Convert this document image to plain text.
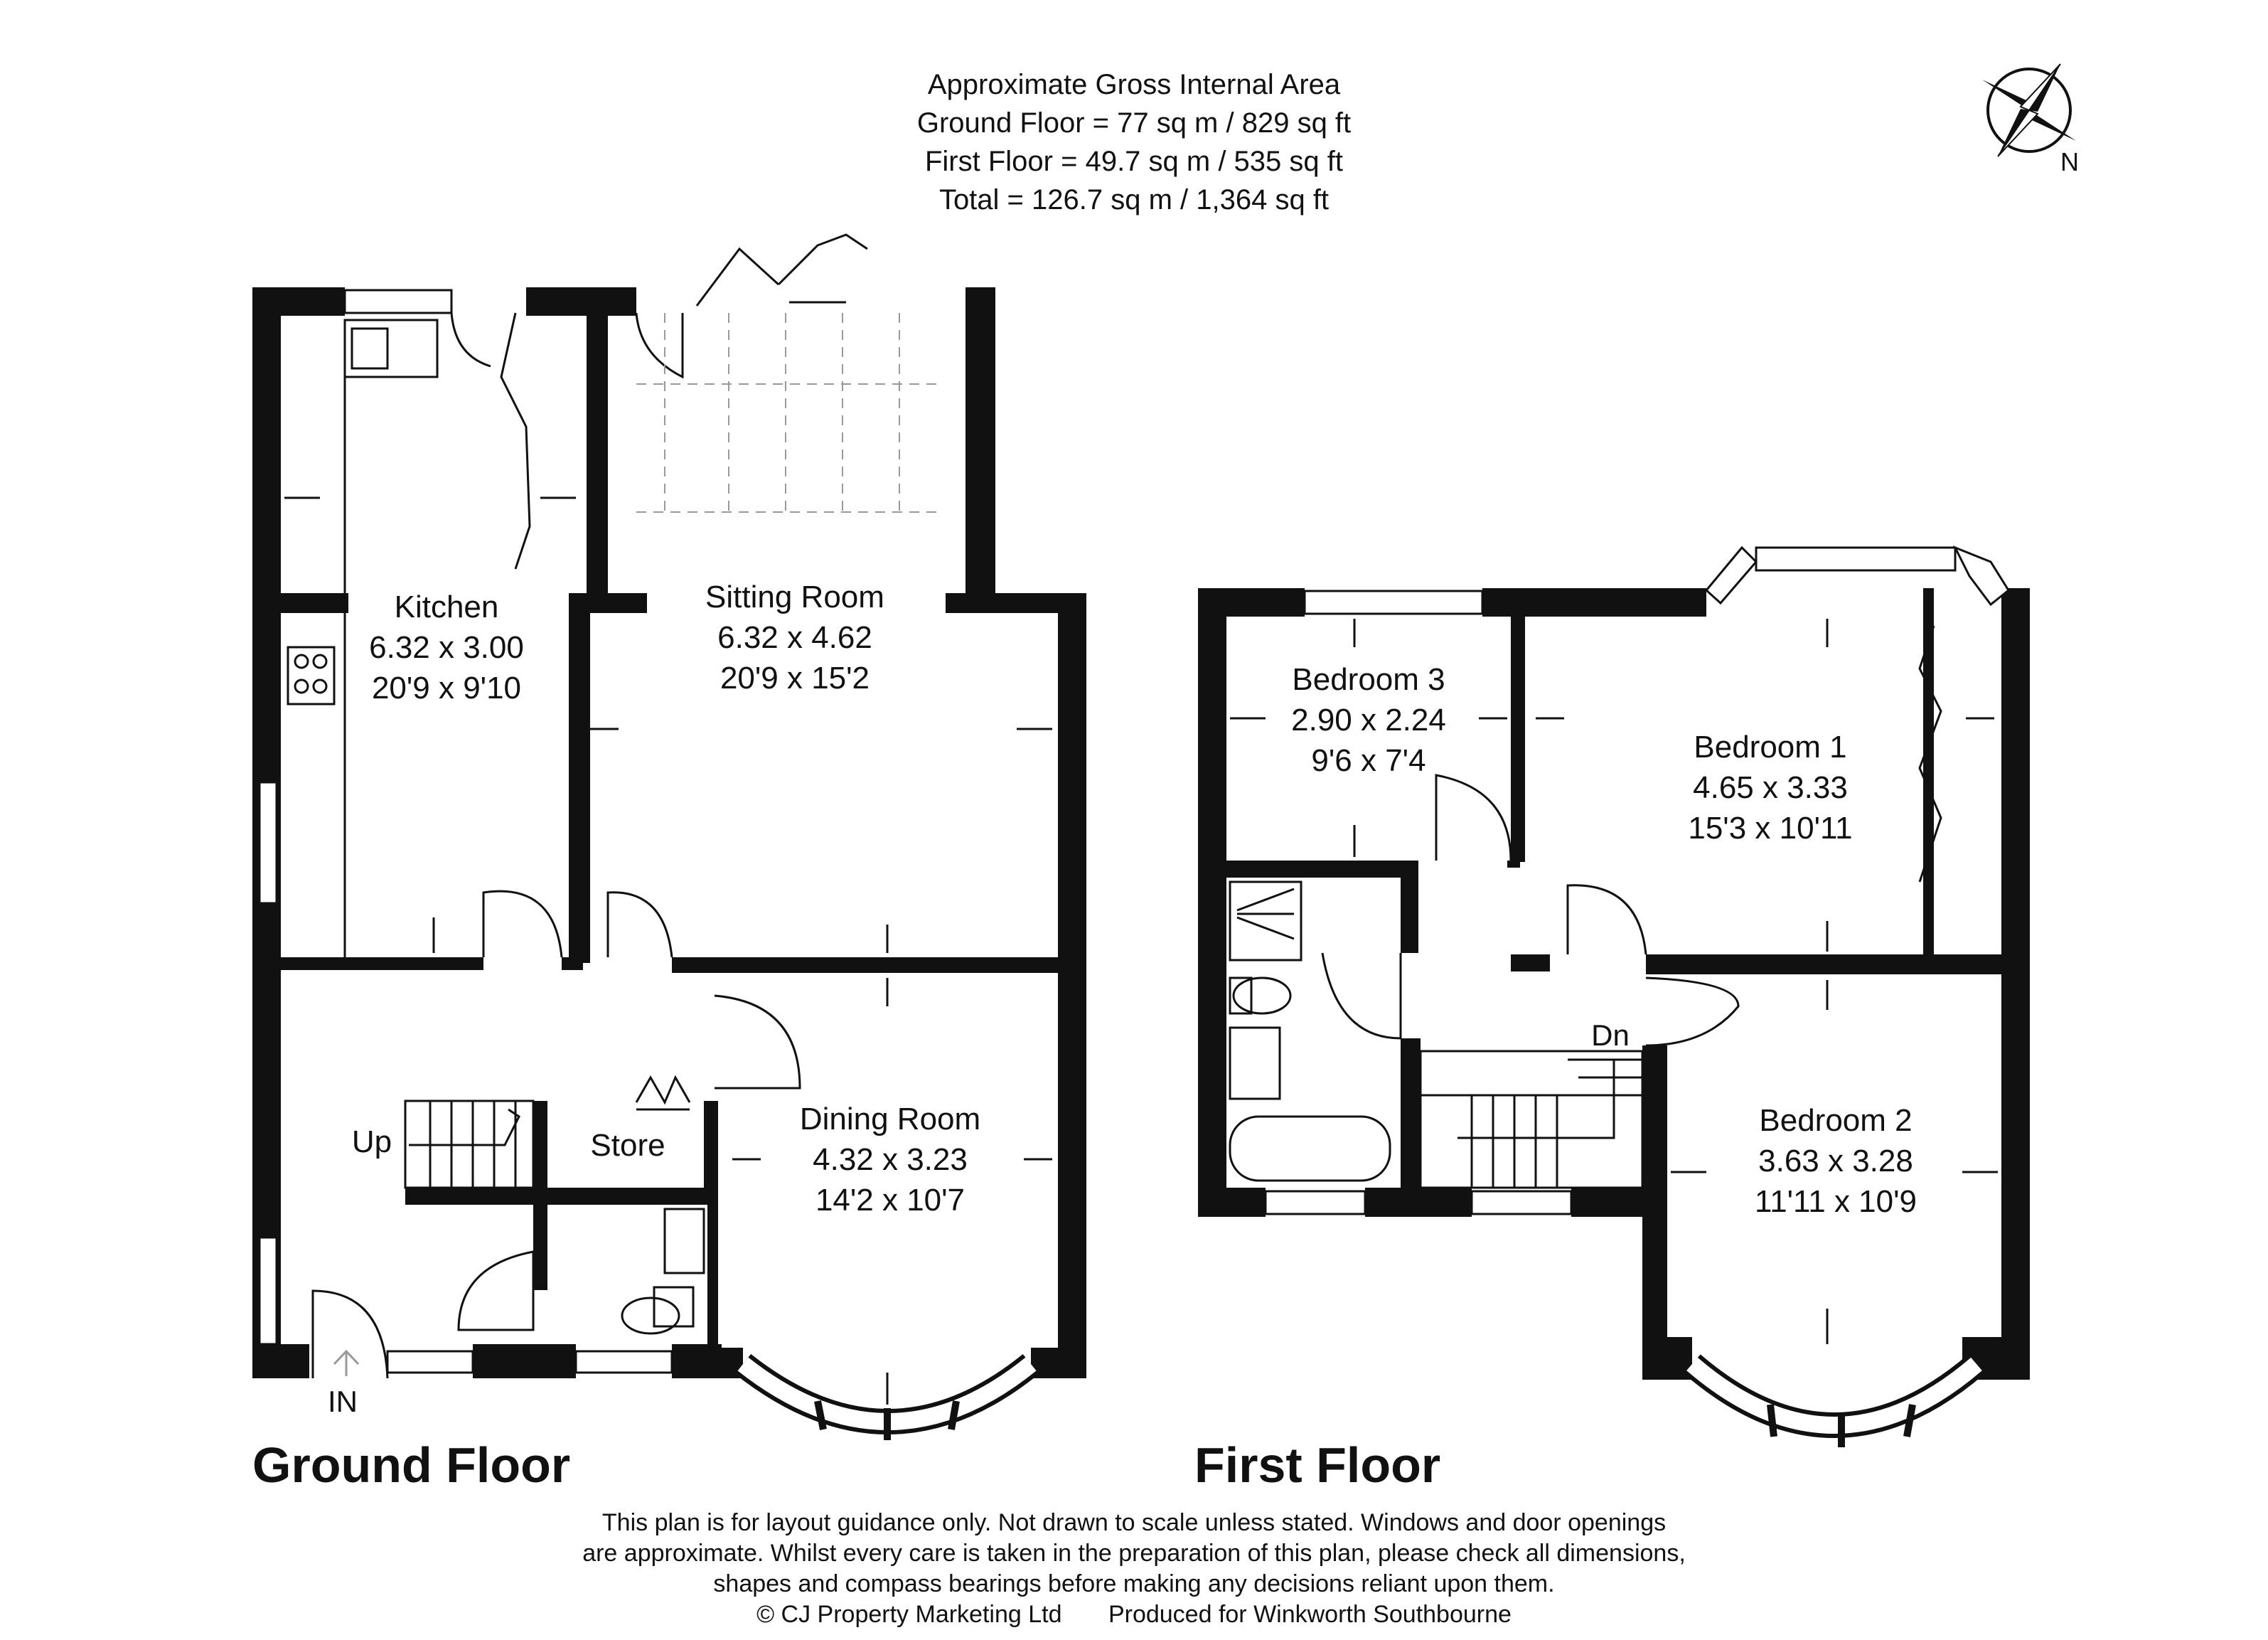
Approximate Gross Internal Area
Ground Floor = 77 sq m / 829 sq ft
First Floor = 49.7 sq m / 535 sq ft
Total = 126.7 sq m / 1,364 sq ft
N
Kitchen
6.32 x 3.00
20'9 x 9'10
Sitting Room
6.32 x 4.62
20'9 x 15'2
Dining Room
4.32 x 3.23
14'2 x 10'7
Store
Up
IN
Bedroom 3
2.90 x 2.24
9'6 x 7'4	Bedroom 1
4.65 x 3.33
15'3 x 10'11
Bedroom 2
3.63 x 3.28
11'11 x 10'9
Dn
Ground Floor	First Floor
This plan is for layout guidance only. Not drawn to scale unless stated. Windows and door openings
are approximate. Whilst every care is taken in the preparation of this plan, please check all dimensions,
shapes and compass bearings before making any decisions reliant upon them.
© CJ Property Marketing Ltd Produced for Winkworth Southbourne
